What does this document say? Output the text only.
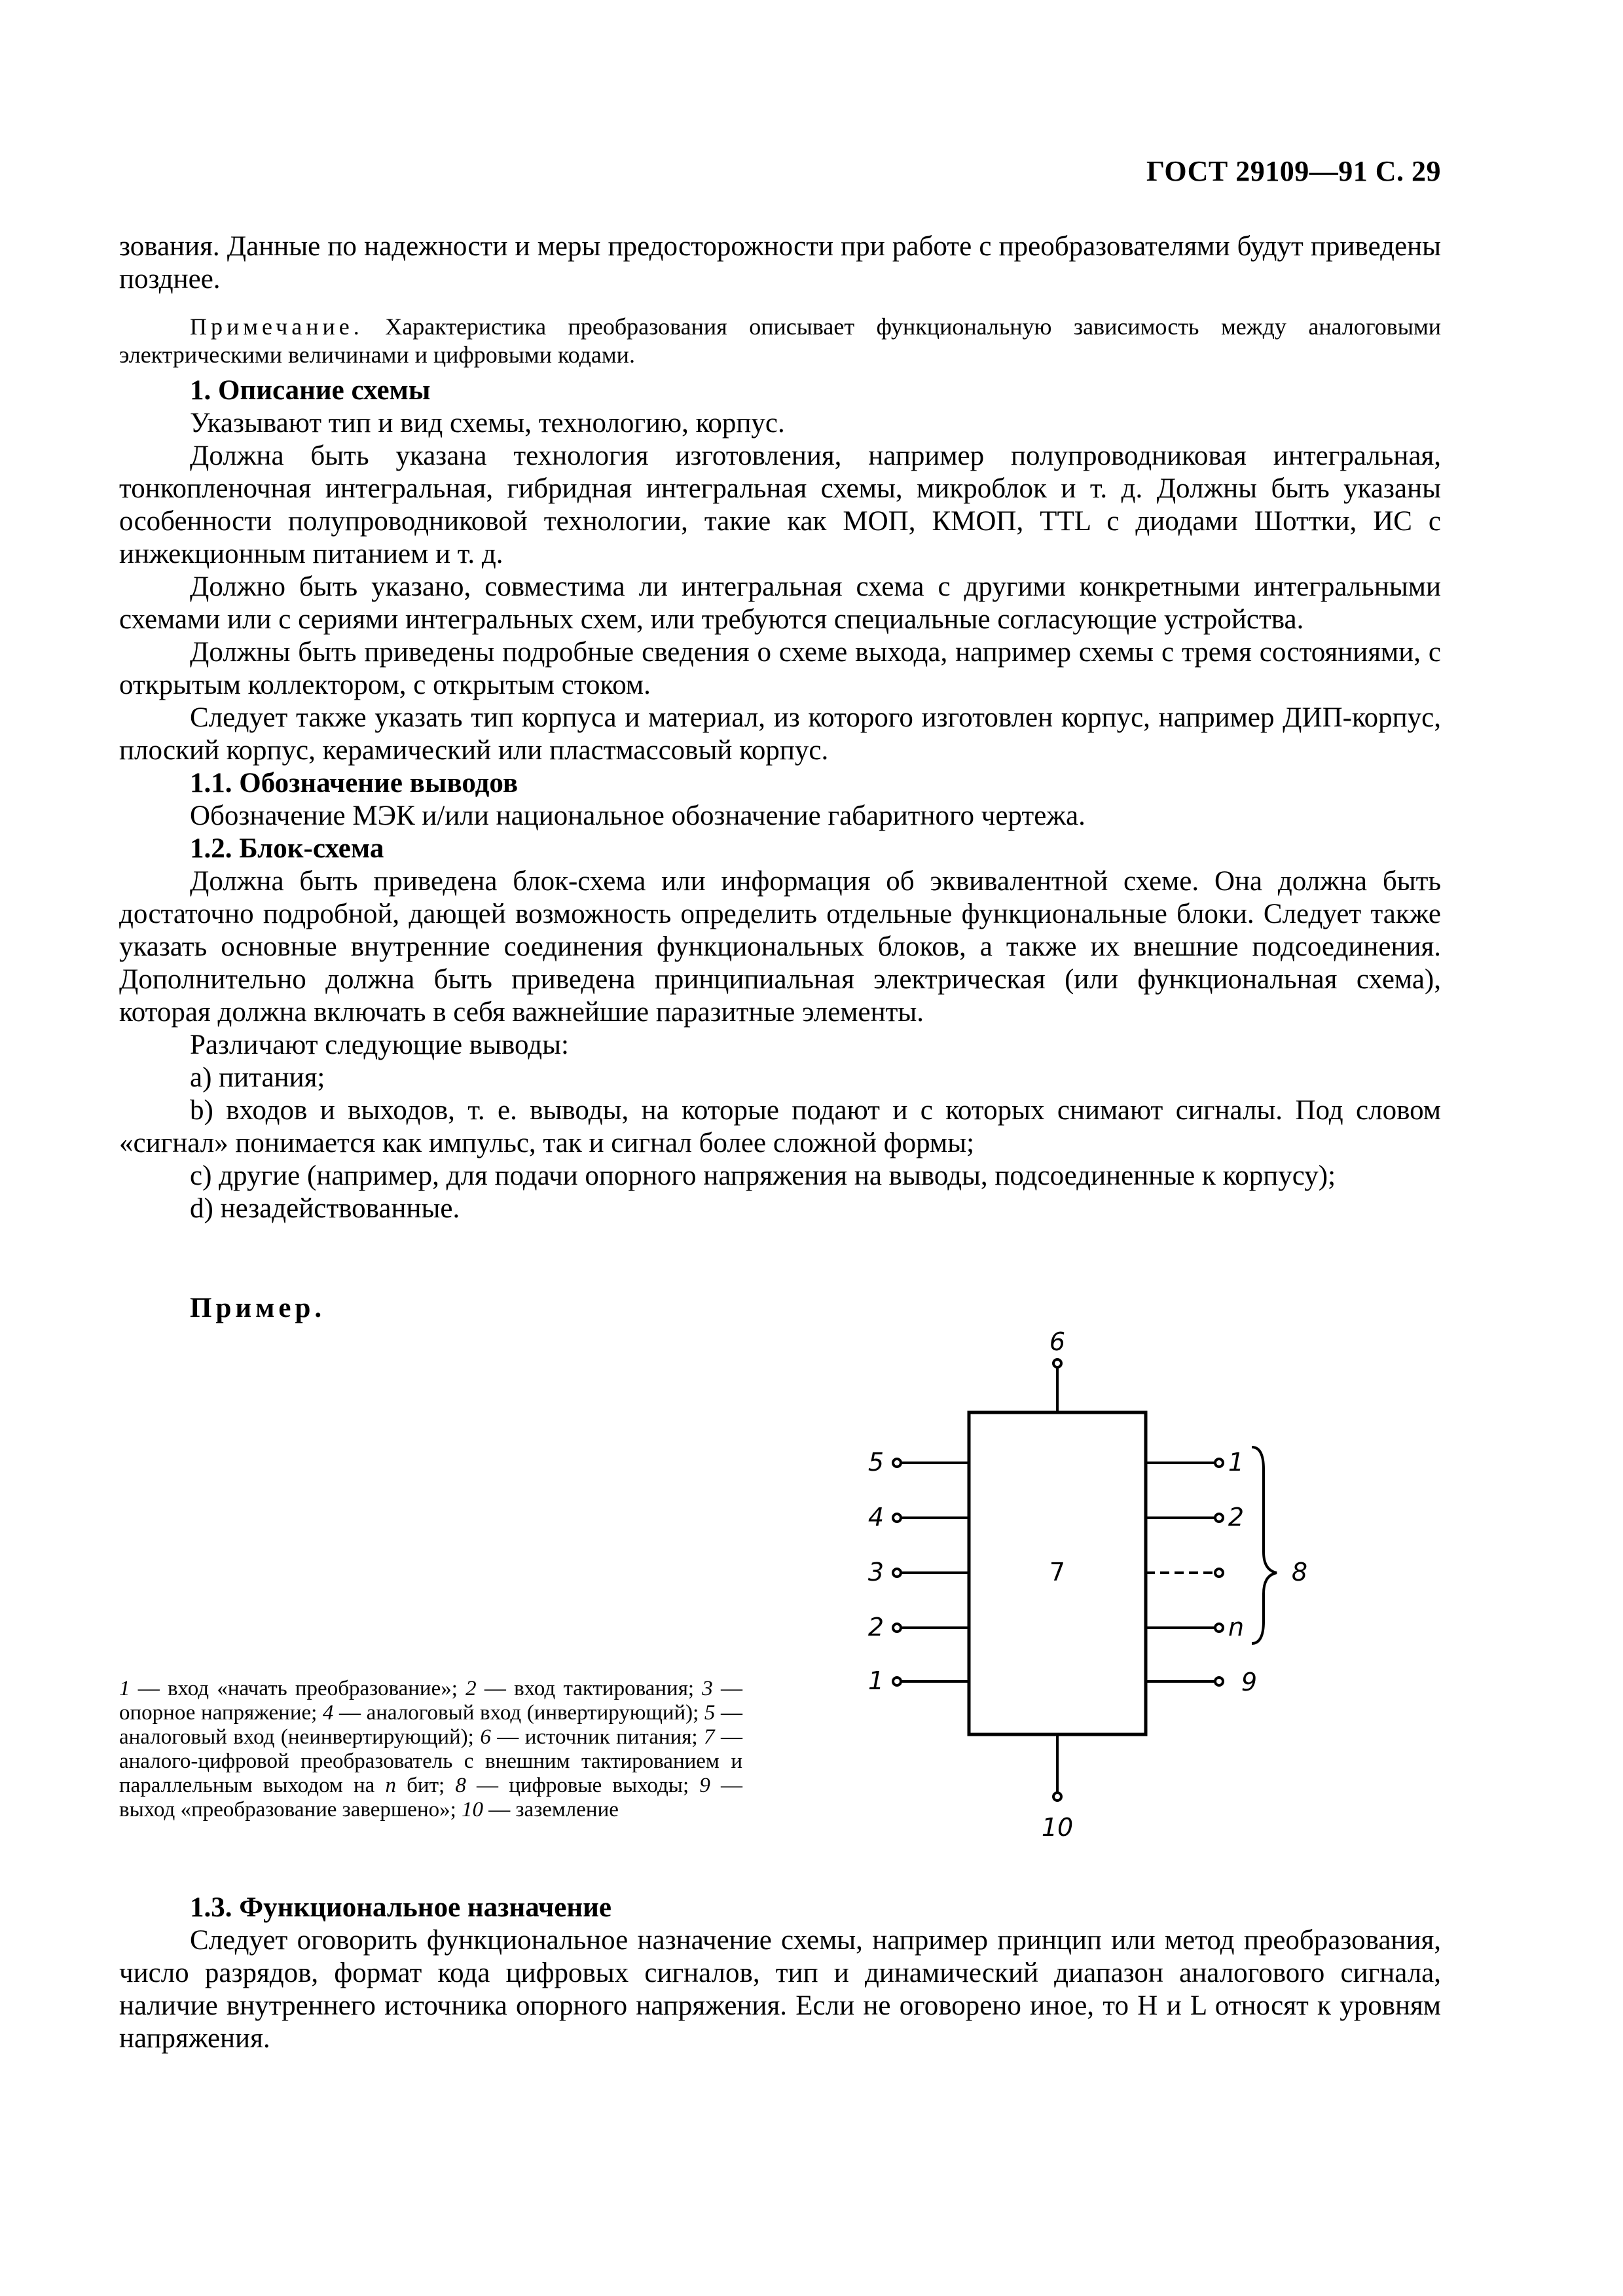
ГОСТ 29109—91 С. 29

зования. Данные по надежности и меры предосторожности при работе с преобразователями будут приведены позднее.

Примечание. Характеристика преобразования описывает функциональную зависимость между аналоговыми электрическими величинами и цифровыми кодами.

1. Описание схемы

Указывают тип и вид схемы, технологию, корпус.

Должна быть указана технология изготовления, например полупроводниковая интегральная, тонкопленочная интегральная, гибридная интегральная схемы, микроблок и т. д. Должны быть указаны особенности полупроводниковой технологии, такие как МОП, КМОП, TTL с диодами Шоттки, ИС с инжекционным питанием и т. д.

Должно быть указано, совместима ли интегральная схема с другими конкретными интегральными схемами или с сериями интегральных схем, или требуются специальные согласующие устройства.

Должны быть приведены подробные сведения о схеме выхода, например схемы с тремя состояниями, с открытым коллектором, с открытым стоком.

Следует также указать тип корпуса и материал, из которого изготовлен корпус, например ДИП-корпус, плоский корпус, керамический или пластмассовый корпус.

1.1. Обозначение выводов

Обозначение МЭК и/или национальное обозначение габаритного чертежа.

1.2. Блок-схема

Должна быть приведена блок-схема или информация об эквивалентной схеме. Она должна быть достаточно подробной, дающей возможность определить отдельные функциональные блоки. Следует также указать основные внутренние соединения функциональных блоков, а также их внешние подсоединения. Дополнительно должна быть приведена принципиальная электрическая (или функциональная схема), которая должна включать в себя важнейшие паразитные элементы.

Различают следующие выводы:

а) питания;

b) входов и выходов, т. е. выводы, на которые подают и с которых снимают сигналы. Под словом «сигнал» понимается как импульс, так и сигнал более сложной формы;

с) другие (например, для подачи опорного напряжения на выводы, подсоединенные к корпусу);

d) незадействованные.

Пример.
1 — вход «начать преобразование»; 2 — вход тактирования; 3 — опорное напряжение; 4 — аналоговый вход (инвертирующий); 5 — аналоговый вход (неинвертирующий); 6 — источник питания; 7 — аналого-цифровой преобразователь с внешним тактированием и параллельным выходом на n бит; 8 — цифровые выходы; 9 — выход «преобразование завершено»; 10 — заземление
6
7
5
4
3
2
1
1
2
n
9
8
10

1.3. Функциональное назначение

Следует оговорить функциональное назначение схемы, например принцип или метод преобразования, число разрядов, формат кода цифровых сигналов, тип и динамический диапазон аналогового сигнала, наличие внутреннего источника опорного напряжения. Если не оговорено иное, то H и L относят к уровням напряжения.
